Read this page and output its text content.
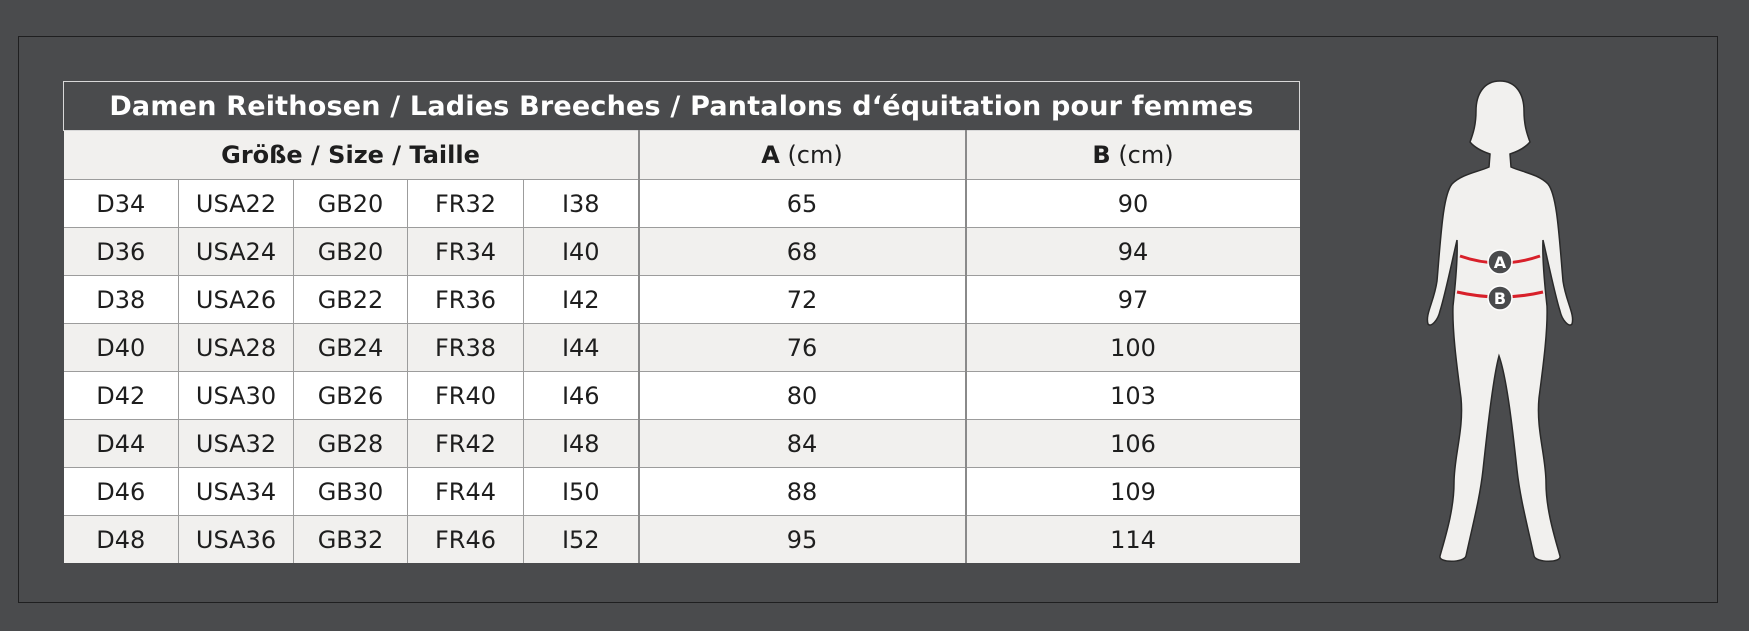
Damen Reithosen / Ladies Breeches / Pantalons d‘équitation pour femmes						
Größe / Size / Taille					A (cm)	B (cm)
D34	USA22	GB20	FR32	I38	65	90
D36	USA24	GB20	FR34	I40	68	94
D38	USA26	GB22	FR36	I42	72	97
D40	USA28	GB24	FR38	I44	76	100
D42	USA30	GB26	FR40	I46	80	103
D44	USA32	GB28	FR42	I48	84	106
D46	USA34	GB30	FR44	I50	88	109
D48	USA36	GB32	FR46	I52	95	114
A
B
